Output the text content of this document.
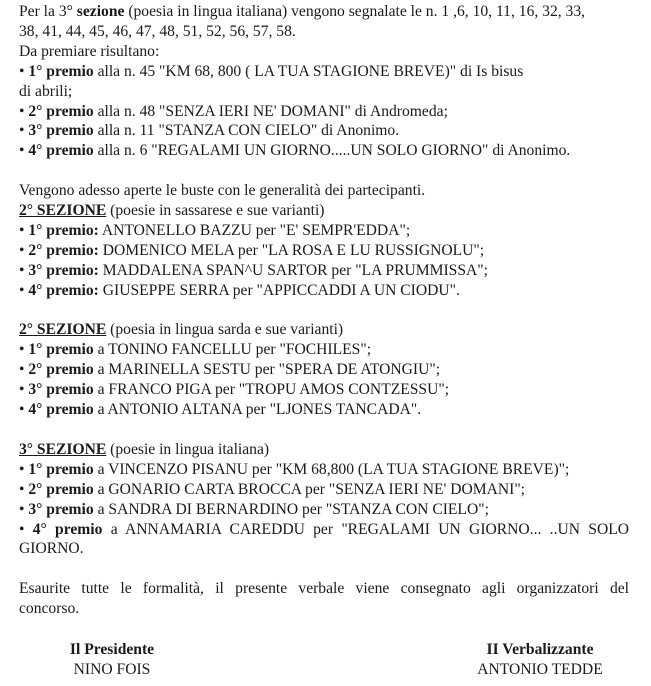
Per la 3° sezione (poesia in lingua italiana) vengono segnalate le n. 1 ,6, 10, 11, 16, 32, 33,
38, 41, 44, 45, 46, 47, 48, 51, 52, 56, 57, 58.
Da premiare risultano:
• 1° premio alla n. 45 "KM 68, 800 ( LA TUA STAGIONE BREVE)" di Is bisus
di abrili;
• 2° premio alla n. 48 "SENZA IERI NE' DOMANI" di Andromeda;
• 3° premio alla n. 11 "STANZA CON CIELO" di Anonimo.
• 4° premio alla n. 6 "REGALAMI UN GIORNO.....UN SOLO GIORNO" di Anonimo.
Vengono adesso aperte le buste con le generalità dei partecipanti.
2° SEZIONE (poesie in sassarese e sue varianti)
• 1° premio: ANTONELLO BAZZU per "E' SEMPR'EDDA";
• 2° premio: DOMENICO MELA per "LA ROSA E LU RUSSIGNOLU";
• 3° premio: MADDALENA SPAN^U SARTOR per "LA PRUMMISSA";
• 4° premio: GIUSEPPE SERRA per "APPICCADDI A UN CIODU".
2° SEZIONE (poesia in lingua sarda e sue varianti)
• 1° premio a TONINO FANCELLU per "FOCHILES";
• 2° premio a MARINELLA SESTU per "SPERA DE ATONGIU";
• 3° premio a FRANCO PIGA per "TROPU AMOS CONTZESSU";
• 4° premio a ANTONIO ALTANA per "LJONES TANCADA".
3° SEZIONE (poesie in lingua italiana)
• 1° premio a VINCENZO PISANU per "KM 68,800 (LA TUA STAGIONE BREVE)";
• 2° premio a GONARIO CARTA BROCCA per "SENZA IERI NE' DOMANI";
• 3° premio a SANDRA DI BERNARDINO per "STANZA CON CIELO";
• 4° premio a ANNAMARIA CAREDDU per "REGALAMI UN GIORNO... ..UN SOLO
GIORNO.
Esaurite tutte le formalità, il presente verbale viene consegnato agli organizzatori del
concorso.
Il Presidente
NINO FOIS
II Verbalizzante
ANTONIO TEDDE
